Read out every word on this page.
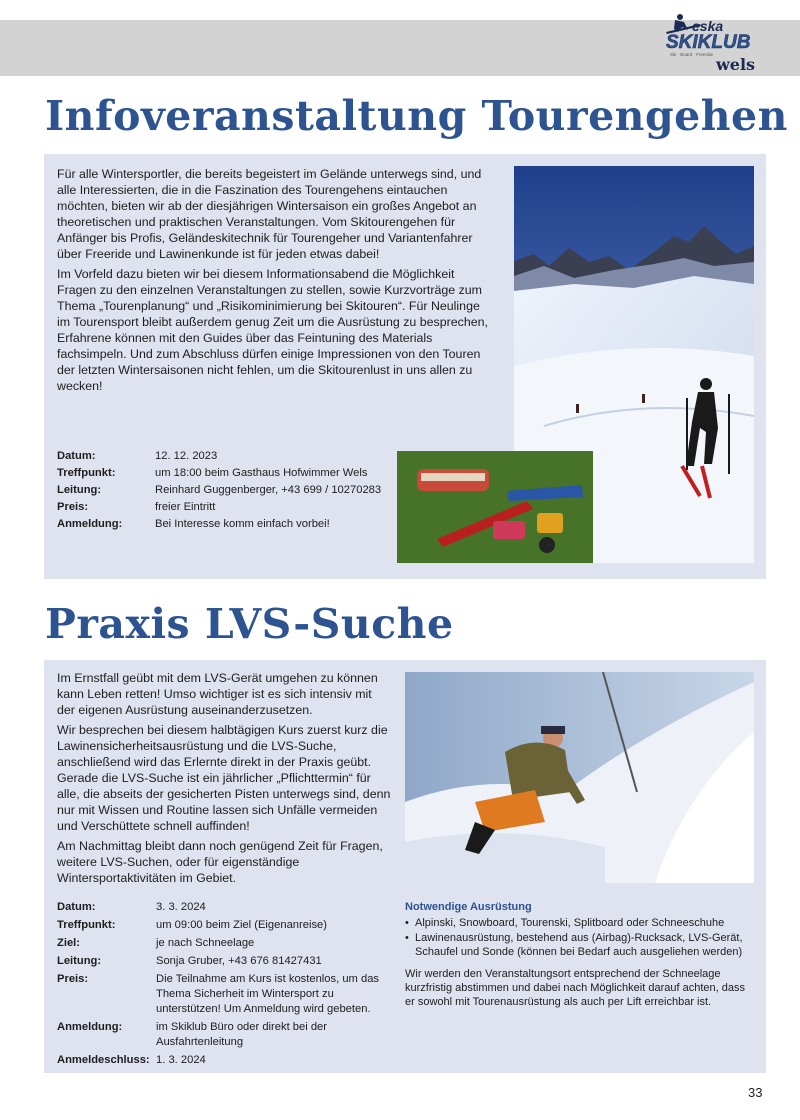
eska
SKIKLUB
Ski · Board · Freeride
wels
Infoveranstaltung Tourengehen

Für alle Wintersportler, die bereits begeistert im Gelände unterwegs sind, und alle Interessierten, die in die Faszination des Tourengehens eintauchen möchten, bieten wir ab der diesjährigen Wintersaison ein großes Angebot an theoretischen und praktischen Veranstaltungen. Vom Skitourengehen für Anfänger bis Profis, Geländeskitechnik für Tourengeher und Variantenfahrer über Freeride und Lawinenkunde ist für jeden etwas dabei!

Im Vorfeld dazu bieten wir bei diesem Informationsabend die Möglichkeit Fragen zu den einzelnen Veranstaltungen zu stellen, sowie Kurzvorträge zum Thema „Tourenplanung“ und „Risikominimierung bei Skitouren“. Für Neulinge im Tourensport bleibt außerdem genug Zeit um die Ausrüstung zu besprechen, Erfahrene können mit den Guides über das Feintuning des Materials fachsimpeln. Und zum Abschluss dürfen einige Impressionen von den Touren der letzten Wintersaisonen nicht fehlen, um die Skitourenlust in uns allen zu wecken!

Datum:	12. 12. 2023
Treffpunkt:	um 18:00 beim Gasthaus Hofwimmer Wels
Leitung:	Reinhard Guggenberger, +43 699 / 10270283
Preis:	freier Eintritt
Anmeldung:	Bei Interesse komm einfach vorbei!
Praxis LVS-Suche

Im Ernstfall geübt mit dem LVS-Gerät umgehen zu können kann Leben retten! Umso wichtiger ist es sich intensiv mit der eigenen Ausrüstung auseinanderzusetzen.

Wir besprechen bei diesem halbtägigen Kurs zuerst kurz die Lawinensicherheitsausrüstung und die LVS-Suche, anschließend wird das Erlernte direkt in der Praxis geübt. Gerade die LVS-Suche ist ein jährlicher „Pflichttermin“ für alle, die abseits der gesicherten Pisten unterwegs sind, denn nur mit Wissen und Routine lassen sich Unfälle vermeiden und Verschüttete schnell auffinden!

Am Nachmittag bleibt dann noch genügend Zeit für Fragen, weitere LVS-Suchen, oder für eigenständige Wintersportaktivitäten im Gebiet.

Datum:	3. 3. 2024
Treffpunkt:	um 09:00 beim Ziel (Eigenanreise)
Ziel:	je nach Schneelage
Leitung:	Sonja Gruber, +43 676 81427431
Preis:	Die Teilnahme am Kurs ist kostenlos, um das Thema Sicherheit im Wintersport zu unterstützen! Um Anmeldung wird gebeten.
Anmeldung:	im Skiklub Büro oder direkt bei der Ausfahrtenleitung
Anmeldeschluss:	1. 3. 2024
Notwendige Ausrüstung
• Alpinski, Snowboard, Tourenski, Splitboard oder Schneeschuhe
• Lawinenausrüstung, bestehend aus (Airbag)-Rucksack, LVS-Gerät, Schaufel und Sonde (können bei Bedarf auch ausgeliehen werden)

Wir werden den Veranstaltungsort entsprechend der Schneelage kurzfristig abstimmen und dabei nach Möglichkeit darauf achten, dass er sowohl mit Tourenausrüstung als auch per Lift erreichbar ist.

33
